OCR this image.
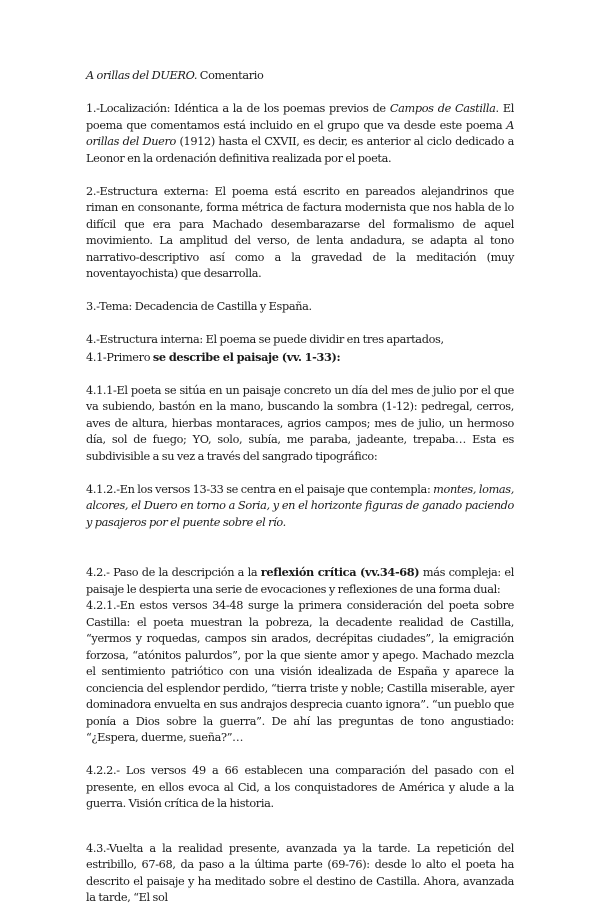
A orillas del DUERO. Comentario

1.-Localización: Idéntica a la de los poemas previos de Campos de Castilla. El poema que comentamos está incluido en el grupo que va desde este poema A orillas del Duero (1912) hasta el CXVII, es decir, es anterior al ciclo dedicado a Leonor en la ordenación definitiva realizada por el poeta.

2.-Estructura externa: El poema está escrito en pareados alejandrinos que riman en consonante, forma métrica de factura modernista que nos habla de lo difícil que era para Machado desembarazarse del formalismo de aquel movimiento. La amplitud del verso, de lenta andadura, se adapta al tono narrativo-descriptivo así como a la gravedad de la meditación (muy noventayochista) que desarrolla.

3.-Tema: Decadencia de Castilla y España.

4.-Estructura interna: El poema se puede dividir en tres apartados,

4.1-Primero se describe el paisaje (vv. 1-33):

4.1.1-El poeta se sitúa en un paisaje concreto un día del mes de julio por el que va subiendo, bastón en la mano, buscando la sombra (1-12): pedregal, cerros, aves de altura, hierbas montaraces, agrios campos; mes de julio, un hermoso día, sol de fuego; YO, solo, subía, me paraba, jadeante, trepaba… Esta es subdivisible a su vez a través del sangrado tipográfico:

4.1.2.-En los versos 13-33 se centra en el paisaje que contempla: montes, lomas, alcores, el Duero en torno a Soria, y en el horizonte figuras de ganado paciendo y pasajeros por el puente sobre el río.

4.2.- Paso de la descripción a la reflexión crítica (vv.34-68) más compleja: el paisaje le despierta una serie de evocaciones y reflexiones de una forma dual:

4.2.1.-En estos versos 34-48 surge la primera consideración del poeta sobre Castilla: el poeta muestran la pobreza, la decadente realidad de Castilla, “yermos y roquedas, campos sin arados, decrépitas ciudades”, la emigración forzosa, “atónitos palurdos”, por la que siente amor y apego. Machado mezcla el sentimiento patriótico con una visión idealizada de España y aparece la conciencia del esplendor perdido, “tierra triste y noble; Castilla miserable, ayer dominadora envuelta en sus andrajos desprecia cuanto ignora”. “un pueblo que ponía a Dios sobre la guerra”. De ahí las preguntas de tono angustiado: “¿Espera, duerme, sueña?”…

4.2.2.- Los versos 49 a 66 establecen una comparación del pasado con el presente, en ellos evoca al Cid, a los conquistadores de América y alude a la guerra. Visión crítica de la historia.

4.3.-Vuelta a la realidad presente, avanzada ya la tarde. La repetición del estribillo, 67-68, da paso a la última parte (69-76): desde lo alto el poeta ha descrito el paisaje y ha meditado sobre el destino de Castilla. Ahora, avanzada la tarde, “El sol
